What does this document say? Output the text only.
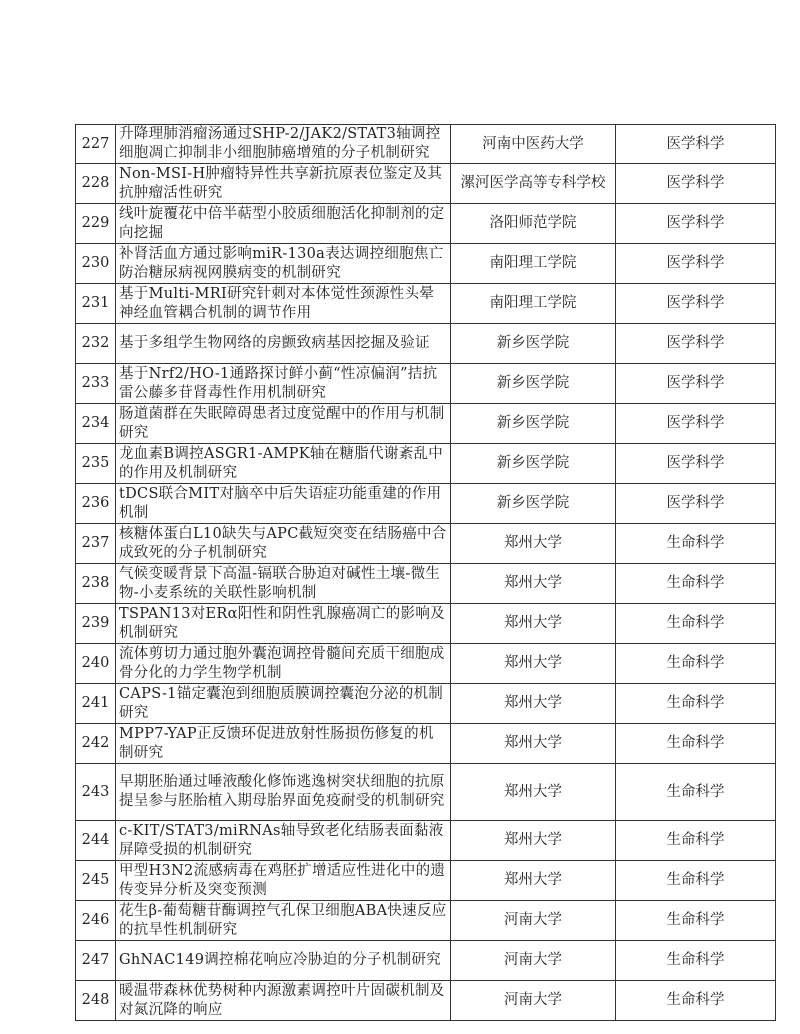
227	升降理肺消瘤汤通过SHP-2/JAK2/STAT3轴调控细胞凋亡抑制非小细胞肺癌增殖的分子机制研究	河南中医药大学	医学科学
228	Non-MSI-H肿瘤特异性共享新抗原表位鉴定及其抗肿瘤活性研究	漯河医学高等专科学校	医学科学
229	线叶旋覆花中倍半萜型小胶质细胞活化抑制剂的定向挖掘	洛阳师范学院	医学科学
230	补肾活血方通过影响miR-130a表达调控细胞焦亡防治糖尿病视网膜病变的机制研究	南阳理工学院	医学科学
231	基于Multi-MRI研究针刺对本体觉性颈源性头晕神经血管耦合机制的调节作用	南阳理工学院	医学科学
232	基于多组学生物网络的房颤致病基因挖掘及验证	新乡医学院	医学科学
233	基于Nrf2/HO-1通路探讨鲜小蓟“性凉偏润”拮抗雷公藤多苷肾毒性作用机制研究	新乡医学院	医学科学
234	肠道菌群在失眠障碍患者过度觉醒中的作用与机制研究	新乡医学院	医学科学
235	龙血素B调控ASGR1-AMPK轴在糖脂代谢紊乱中的作用及机制研究	新乡医学院	医学科学
236	tDCS联合MIT对脑卒中后失语症功能重建的作用机制	新乡医学院	医学科学
237	核糖体蛋白L10缺失与APC截短突变在结肠癌中合成致死的分子机制研究	郑州大学	生命科学
238	气候变暖背景下高温-镉联合胁迫对碱性土壤-微生物-小麦系统的关联性影响机制	郑州大学	生命科学
239	TSPAN13对ERα阳性和阴性乳腺癌凋亡的影响及机制研究	郑州大学	生命科学
240	流体剪切力通过胞外囊泡调控骨髓间充质干细胞成骨分化的力学生物学机制	郑州大学	生命科学
241	CAPS-1锚定囊泡到细胞质膜调控囊泡分泌的机制研究	郑州大学	生命科学
242	MPP7-YAP正反馈环促进放射性肠损伤修复的机制研究	郑州大学	生命科学
243	早期胚胎通过唾液酸化修饰逃逸树突状细胞的抗原提呈参与胚胎植入期母胎界面免疫耐受的机制研究	郑州大学	生命科学
244	c-KIT/STAT3/miRNAs轴导致老化结肠表面黏液屏障受损的机制研究	郑州大学	生命科学
245	甲型H3N2流感病毒在鸡胚扩增适应性进化中的遗传变异分析及突变预测	郑州大学	生命科学
246	花生β-葡萄糖苷酶调控气孔保卫细胞ABA快速反应的抗旱性机制研究	河南大学	生命科学
247	GhNAC149调控棉花响应冷胁迫的分子机制研究	河南大学	生命科学
248	暖温带森林优势树种内源激素调控叶片固碳机制及对氮沉降的响应	河南大学	生命科学
